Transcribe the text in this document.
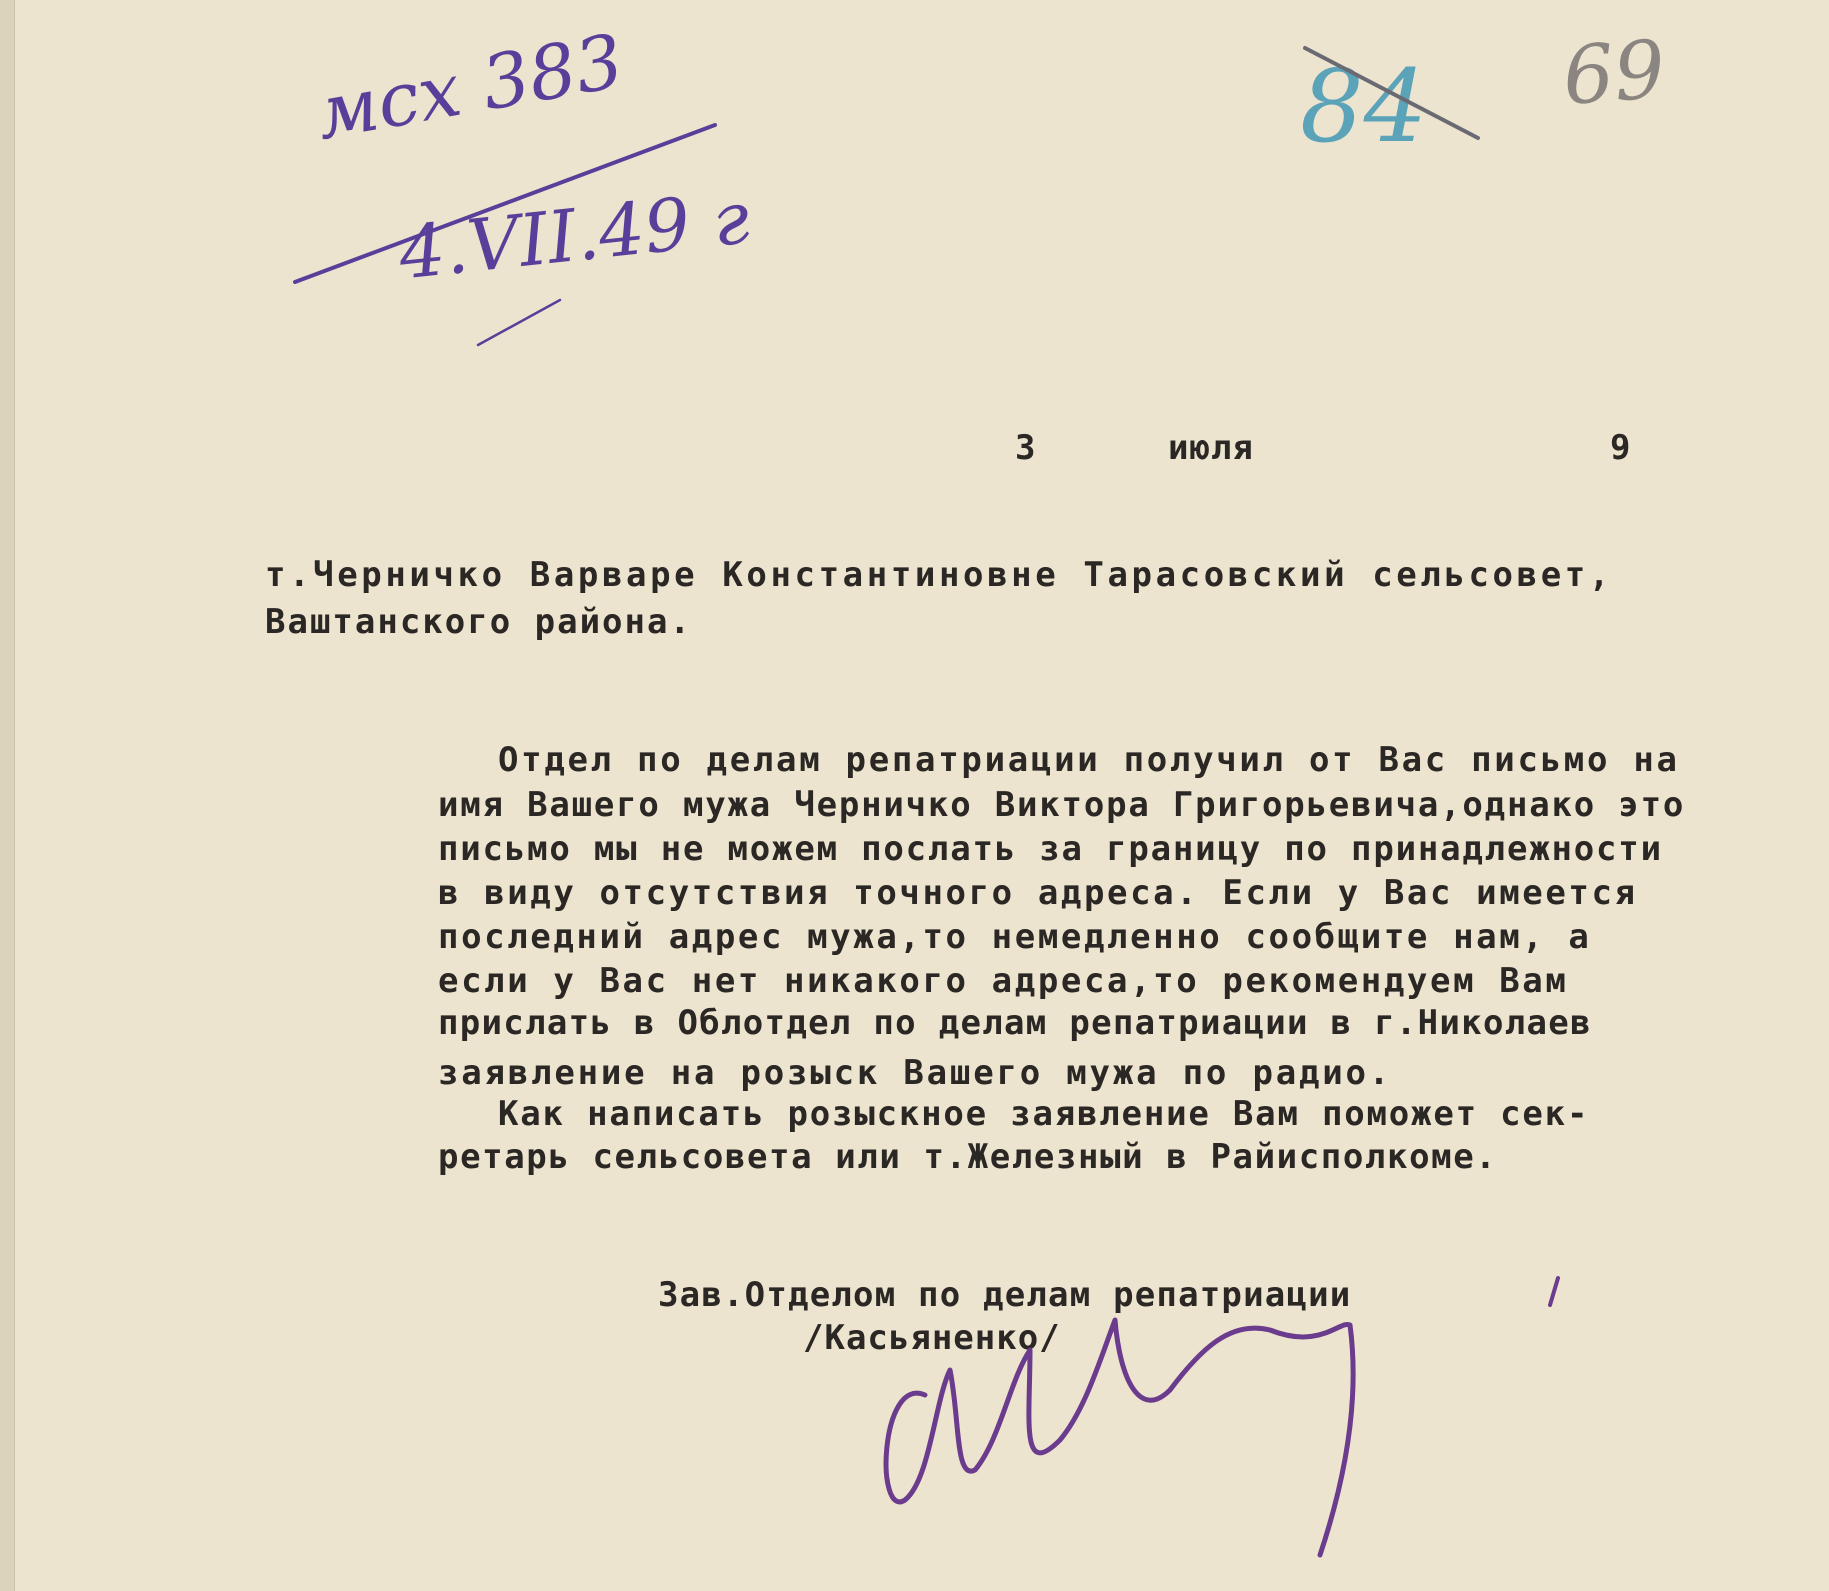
мсх 383
4.VII.49 г
84 69
3	июля	9
т.Черничко Варваре Константиновне Тарасовский сельсовет,
Ваштанского района.
Отдел по делам репатриации получил от Вас письмо на
имя Вашего мужа Черничко Виктора Григорьевича,однако это
письмо мы не можем послать за границу по принадлежности
в виду отсутствия точного адреса. Если у Вас имеется
последний адрес мужа,то немедленно сообщите нам, а
если у Вас нет никакого адреса,то рекомендуем Вам
прислать в Облотдел по делам репатриации в г.Николаев
заявление на розыск Вашего мужа по радио.
Как написать розыскное заявление Вам поможет сек-
ретарь сельсовета или т.Железный в Райисполкоме.
Зав.Отделом по делам репатриации
/Касьяненко/
